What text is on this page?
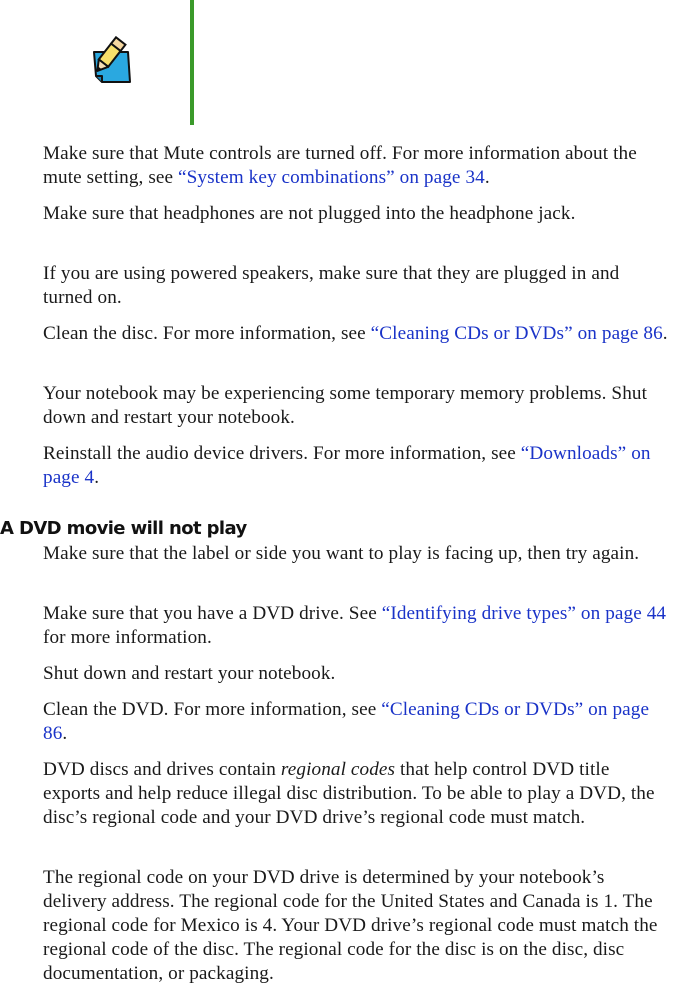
Make sure that Mute controls are turned off. For more information about the mute setting, see “System key combinations” on page 34.

Make sure that headphones are not plugged into the headphone jack.

If you are using powered speakers, make sure that they are plugged in and turned on.

Clean the disc. For more information, see “Cleaning CDs or DVDs” on page 86.

Your notebook may be experiencing some temporary memory problems. Shut down and restart your notebook.

Reinstall the audio device drivers. For more information, see “Downloads” on page 4.

A DVD movie will not play

Make sure that the label or side you want to play is facing up, then try again.

Make sure that you have a DVD drive. See “Identifying drive types” on page 44 for more information.

Shut down and restart your notebook.

Clean the DVD. For more information, see “Cleaning CDs or DVDs” on page 86.

DVD discs and drives contain regional codes that help control DVD title exports and help reduce illegal disc distribution. To be able to play a DVD, the disc’s regional code and your DVD drive’s regional code must match.

The regional code on your DVD drive is determined by your notebook’s delivery address. The regional code for the United States and Canada is 1. The regional code for Mexico is 4. Your DVD drive’s regional code must match the regional code of the disc. The regional code for the disc is on the disc, disc documentation, or packaging.
